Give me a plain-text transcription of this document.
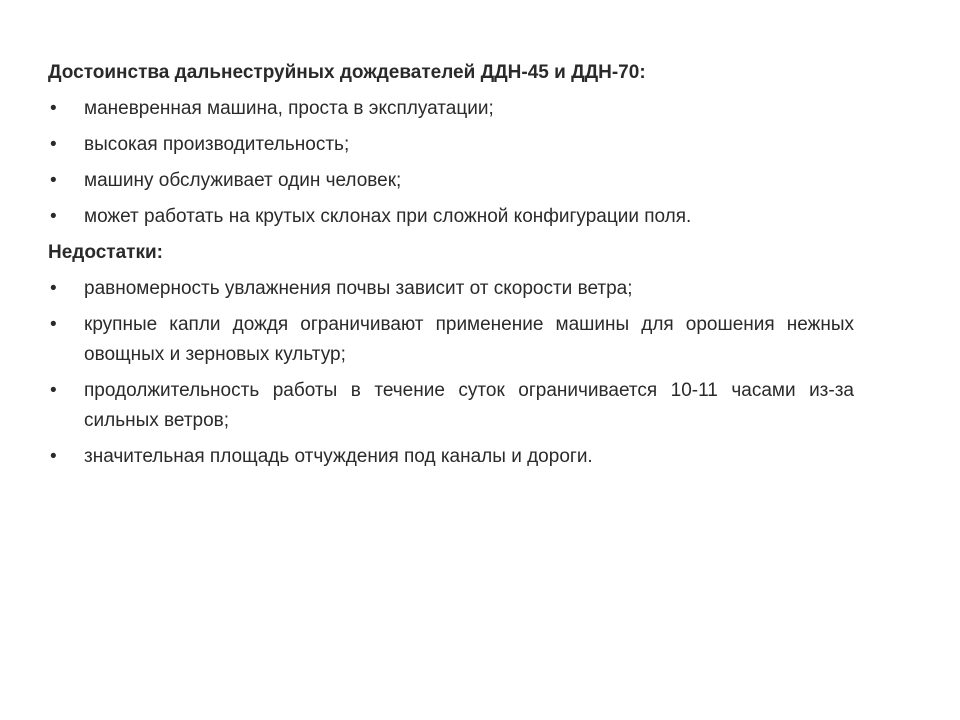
Достоинства дальнеструйных дождевателей ДДН-45 и ДДН-70:
•	маневренная машина, проста в эксплуатации;
•	высокая производительность;
•	машину обслуживает один человек;
•	может работать на крутых склонах при сложной конфигурации поля.
Недостатки:
•	равномерность увлажнения почвы зависит от скорости ветра;
•	крупные капли дождя ограничивают применение машины для орошения нежных овощных и зерновых культур;
•	продолжительность работы в течение суток ограничивается 10-11 часами из-за сильных ветров;
•	значительная площадь отчуждения под каналы и дороги.
